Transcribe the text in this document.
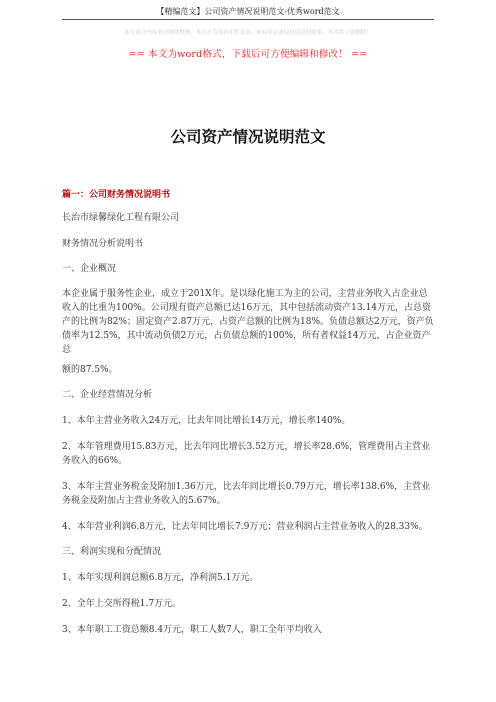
【精编范文】公司资产情况说明范文-优秀word范文
本文部分内容来自网络整理，本司不为其真实性负责，如有异议或侵权请及时联系，本司将立即删除！
== 本文为word格式，下载后可方便编辑和修改！ ==
公司资产情况说明范文

篇一：公司财务情况说明书

长治市绿馨绿化工程有限公司

财务情况分析说明书

一、企业概况

本企业属于服务性企业，成立于201X年。是以绿化施工为主的公司，主营业务收入占企业总收入的比重为100%。公司现有资产总额已达16万元，其中包括流动资产13.14万元，占总资产的比例为82%；固定资产2.87万元，占资产总额的比例为18%。负债总额达2万元，资产负债率为12.5%，其中流动负债2万元，占负债总额的100%，所有者权益14万元，占企业资产总

额的87.5%。

二、企业经营情况分析

1、本年主营业务收入24万元，比去年同比增长14万元，增长率140%。

2、本年管理费用15.83万元，比去年同比增长3.52万元，增长率28.6%，管理费用占主营业务收入的66%。

3、本年主营业务税金及附加1.36万元，比去年同比增长0.79万元，增长率138.6%，主营业务税金及附加占主营业务收入的5.67%。

4、本年营业利润6.8万元，比去年同比增长7.9万元；营业利润占主营业务收入的28.33%。

三、利润实现和分配情况

1、本年实现利润总额6.8万元，净利润5.1万元。

2、全年上交所得税1.7万元。

3、本年职工工资总额8.4万元，职工人数7人，职工全年平均收入
